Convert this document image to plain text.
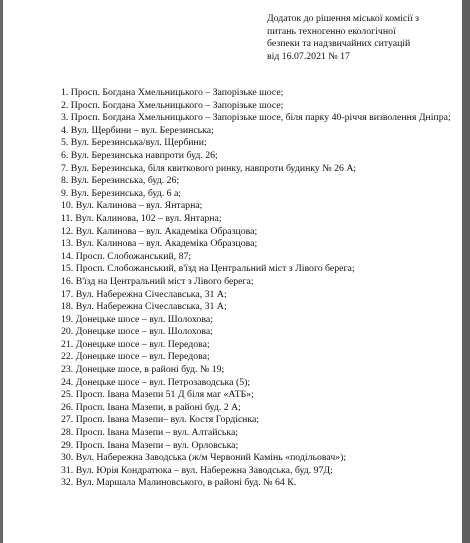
Додаток до рішення міської комісії з
питань техногенно екологічної
безпеки та надзвичайних ситуацій
від 16.07.2021 № 17
1. Просп. Богдана Хмельницького – Запорізьке шосе;
2. Просп. Богдана Хмельницького – Запорізьке шосе;
3. Просп. Богдана Хмельницького – Запорізьке шосе, біля парку 40-річчя визволення Дніпра;
4. Вул. Щербини – вул. Березинська;
5. Вул. Березинська/вул. Щербини;
6. Вул. Березинська навпроти буд. 26;
7. Вул. Березинська, біля квиткового ринку, навпроти будинку № 26 А;
8. Вул. Березинська, буд. 26;
9. Вул. Березинська, буд. 6 а;
10. Вул. Калинова – вул. Янтарна;
11. Вул. Калинова, 102 – вул. Янтарна;
12. Вул. Калинова – вул. Академіка Образцова;
13. Вул. Калинова – вул. Академіка Образцова;
14. Просп. Слобожанський, 87;
15. Просп. Слобожанський, в'їзд на Центральний міст з Лівого берега;
16. В'їзд на Центральний міст з Лівого берега;
17. Вул. Набережна Січеславська, 31 А;
18. Вул. Набережна Січеславська, 31 А;
19. Донецьке шосе – вул. Шолохова;
20. Донецьке шосе – вул. Шолохова;
21. Донецьке шосе – вул. Передова;
22. Донецьке шосе – вул. Передова;
23. Донецьке шосе, в районі буд. № 19;
24. Донецьке шосе – вул. Петрозаводська (5);
25. Просп. Івана Мазепи 51 Д біля маг «АТБ»;
26. Просп. Івана Мазепи, в районі буд. 2 А;
27. Просп. Івана Мазепи– вул. Костя Гордієнка;
28. Просп. Івана Мазепи – вул. Алтайська;
29. Просп. Івана Мазепи – вул. Орловська;
30. Вул. Набережна Заводська (ж/м Червоний Камінь «подільовач»);
31. Вул. Юрія Кондратюка – вул. Набережна Заводська, буд. 97Д;
32. Вул. Маршала Малиновського, в районі буд. № 64 К.
